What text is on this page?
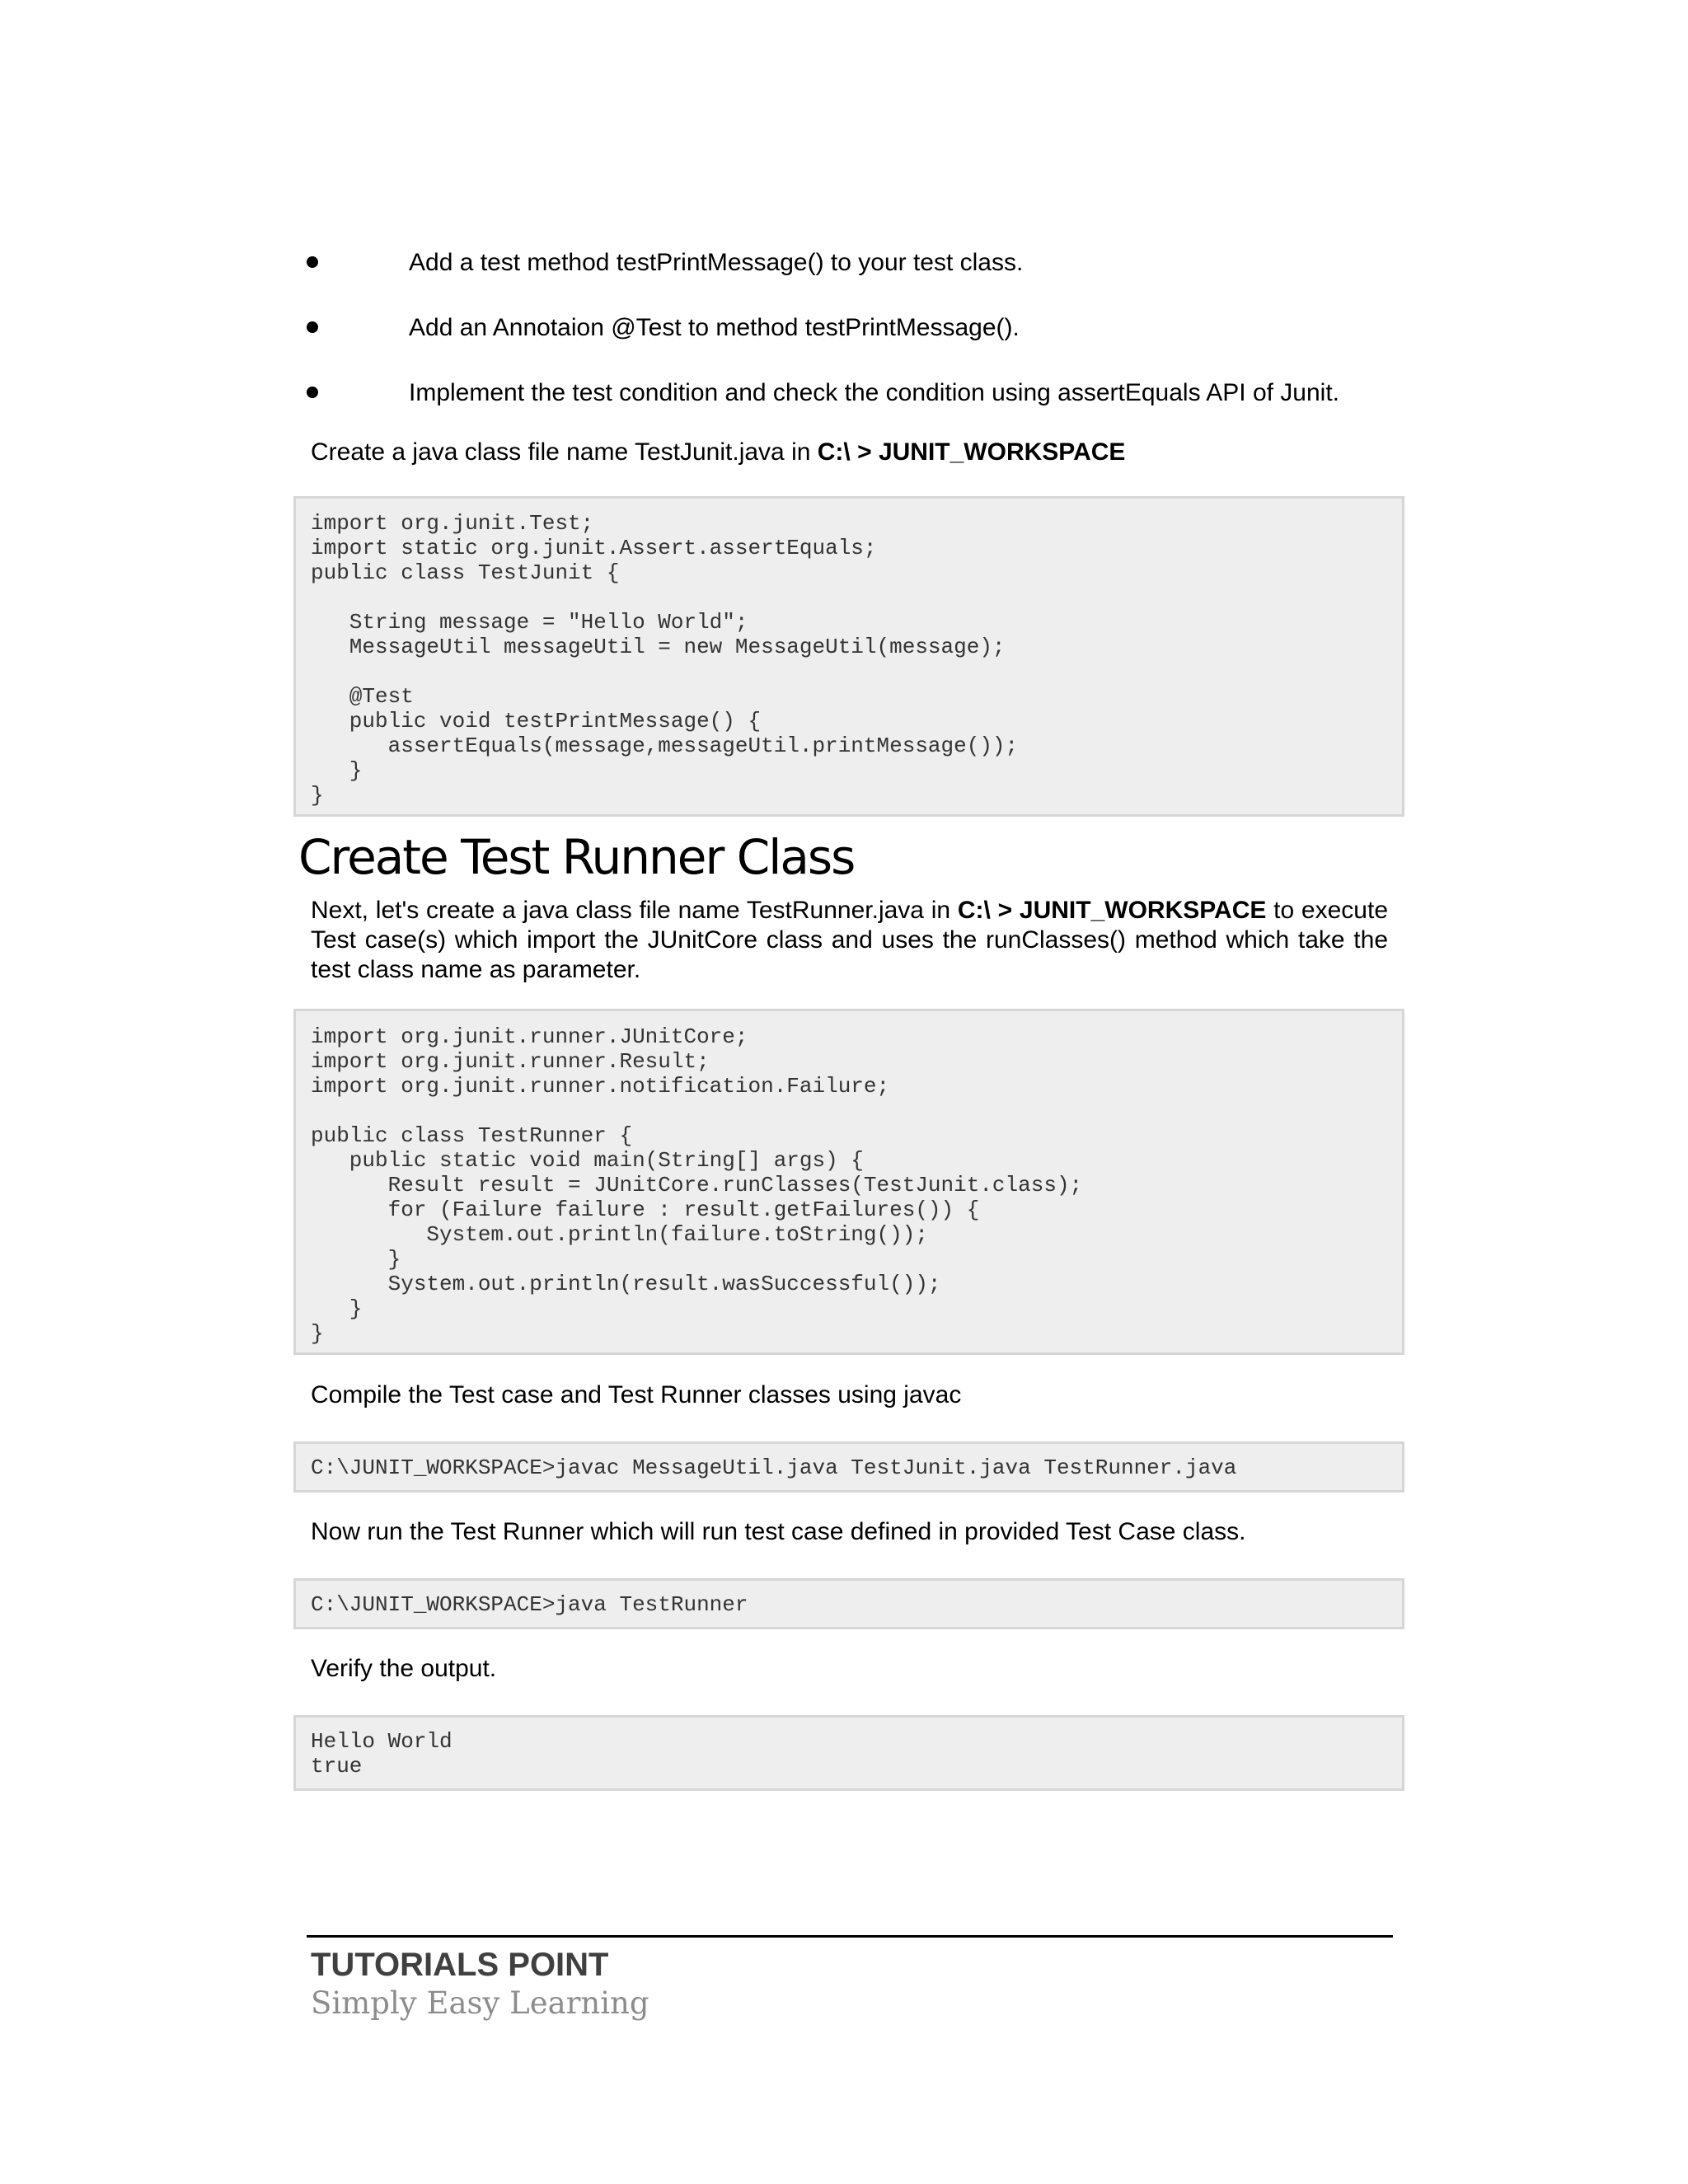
Add a test method testPrintMessage() to your test class.
Add an Annotaion @Test to method testPrintMessage().
Implement the test condition and check the condition using assertEquals API of Junit.

Create a java class file name TestJunit.java in C:\ > JUNIT_WORKSPACE

import org.junit.Test;
import static org.junit.Assert.assertEquals;
public class TestJunit {

String message = "Hello World";
MessageUtil messageUtil = new MessageUtil(message);

@Test
public void testPrintMessage() {
assertEquals(message,messageUtil.printMessage());
}
}
Create Test Runner Class

Next, let's create a java class file name TestRunner.java in C:\ > JUNIT_WORKSPACE to execute Test case(s) which import the JUnitCore class and uses the runClasses() method which take the test class name as parameter.

import org.junit.runner.JUnitCore;
import org.junit.runner.Result;
import org.junit.runner.notification.Failure;

public class TestRunner {
public static void main(String[] args) {
Result result = JUnitCore.runClasses(TestJunit.class);
for (Failure failure : result.getFailures()) {
System.out.println(failure.toString());
}
System.out.println(result.wasSuccessful());
}
}

Compile the Test case and Test Runner classes using javac

C:\JUNIT_WORKSPACE>javac MessageUtil.java TestJunit.java TestRunner.java

Now run the Test Runner which will run test case defined in provided Test Case class.

C:\JUNIT_WORKSPACE>java TestRunner

Verify the output.

Hello World
true
TUTORIALS POINT
Simply Easy Learning
